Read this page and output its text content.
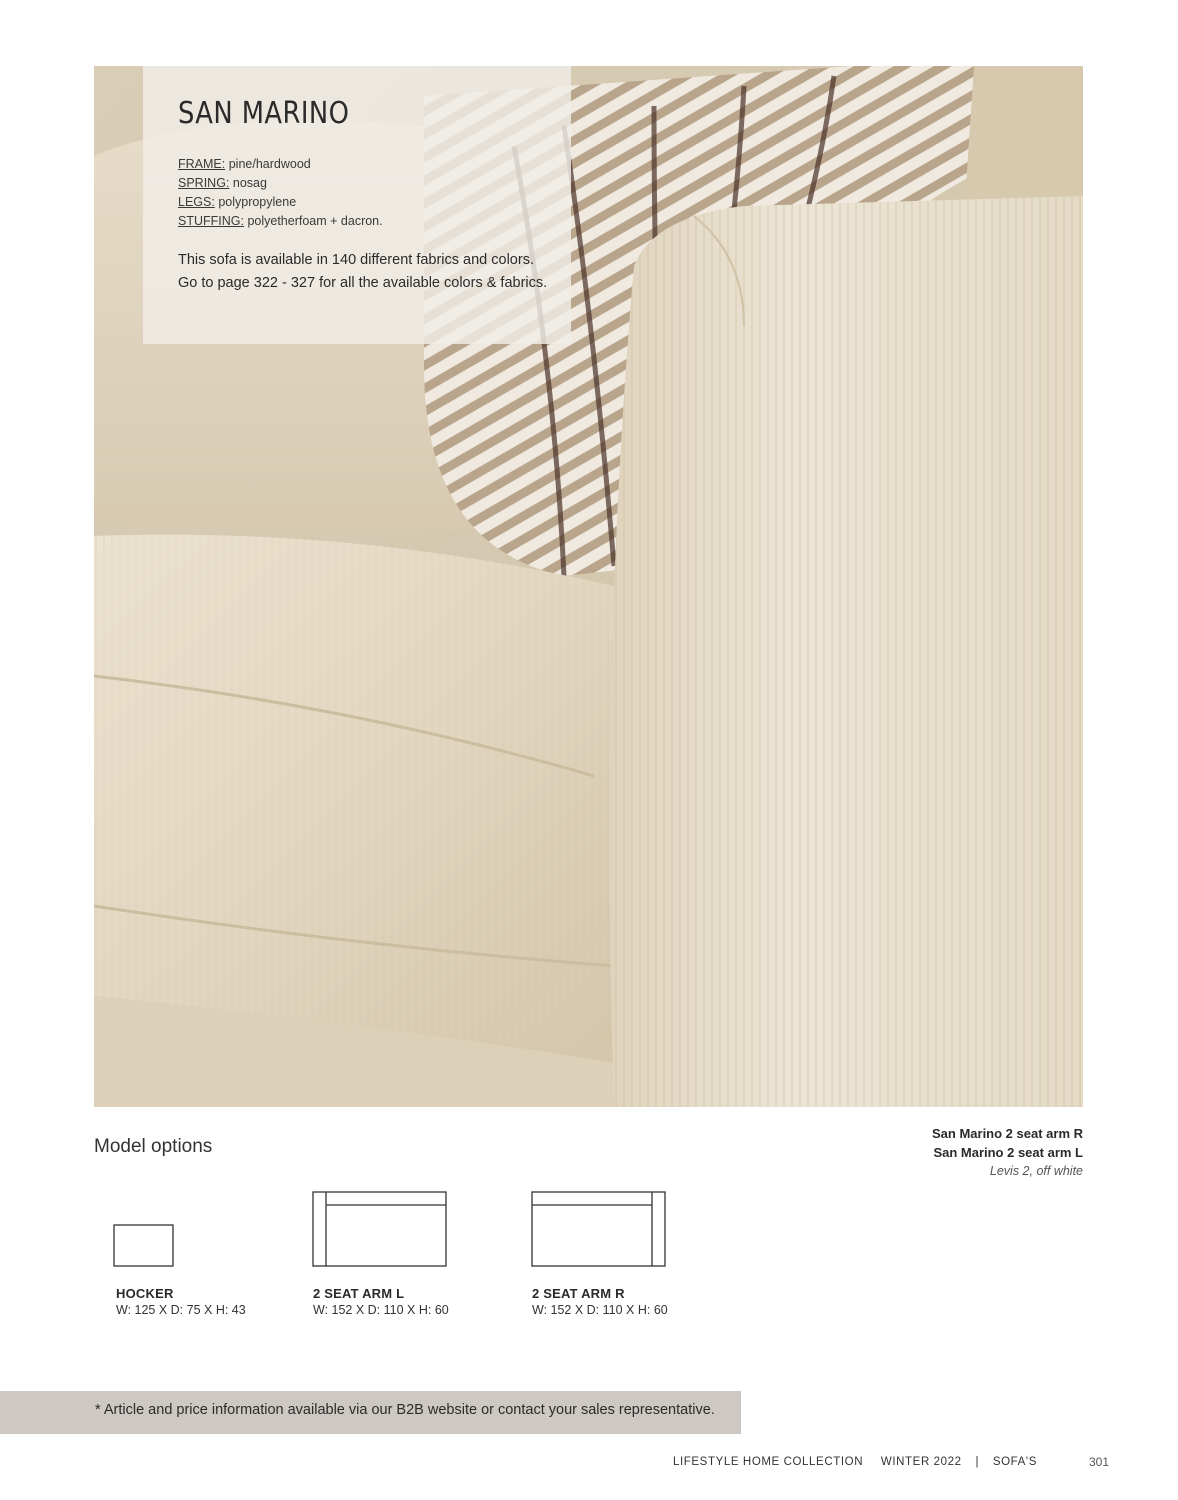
SAN MARINO
FRAME: pine/hardwood
SPRING: nosag
LEGS: polypropylene
STUFFING: polyetherfoam + dacron.
This sofa is available in 140 different fabrics and colors.
Go to page 322 - 327 for all the available colors & fabrics.
Model options
San Marino 2 seat arm R
San Marino 2 seat arm L
Levis 2, off white
HOCKER
W: 125 X D: 75 X H: 43
2 SEAT ARM L
W: 152 X D: 110 X H: 60
2 SEAT ARM R
W: 152 X D: 110 X H: 60
* Article and price information available via our B2B website or contact your sales representative.
LIFESTYLE HOME COLLECTION WINTER 2022 | SOFA'S	301
